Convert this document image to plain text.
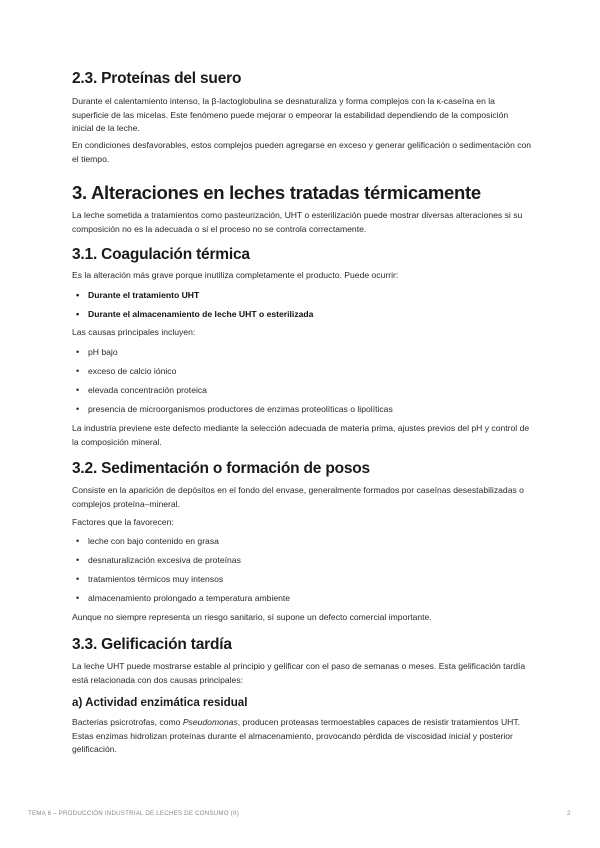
2.3. Proteínas del suero

Durante el calentamiento intenso, la β-lactoglobulina se desnaturaliza y forma complejos con la κ-caseína en la superficie de las micelas. Este fenómeno puede mejorar o empeorar la estabilidad dependiendo de la composición inicial de la leche.

En condiciones desfavorables, estos complejos pueden agregarse en exceso y generar gelificación o sedimentación con el tiempo.

3. Alteraciones en leches tratadas térmicamente

La leche sometida a tratamientos como pasteurización, UHT o esterilización puede mostrar diversas alteraciones si su composición no es la adecuada o si el proceso no se controla correctamente.

3.1. Coagulación térmica

Es la alteración más grave porque inutiliza completamente el producto. Puede ocurrir:

• Durante el tratamiento UHT
• Durante el almacenamiento de leche UHT o esterilizada

Las causas principales incluyen:

• pH bajo
• exceso de calcio iónico
• elevada concentración proteica
• presencia de microorganismos productores de enzimas proteolíticas o lipolíticas

La industria previene este defecto mediante la selección adecuada de materia prima, ajustes previos del pH y control de la composición mineral.

3.2. Sedimentación o formación de posos

Consiste en la aparición de depósitos en el fondo del envase, generalmente formados por caseínas desestabilizadas o complejos proteína–mineral.

Factores que la favorecen:

• leche con bajo contenido en grasa
• desnaturalización excesiva de proteínas
• tratamientos térmicos muy intensos
• almacenamiento prolongado a temperatura ambiente

Aunque no siempre representa un riesgo sanitario, sí supone un defecto comercial importante.

3.3. Gelificación tardía

La leche UHT puede mostrarse estable al principio y gelificar con el paso de semanas o meses. Esta gelificación tardía está relacionada con dos causas principales:

a) Actividad enzimática residual

Bacterias psicrotrofas, como Pseudomonas, producen proteasas termoestables capaces de resistir tratamientos UHT. Estas enzimas hidrolizan proteínas durante el almacenamiento, provocando pérdida de viscosidad inicial y posterior gelificación.

TEMA 6 – PRODUCCIÓN INDUSTRIAL DE LECHES DE CONSUMO (II)	2
